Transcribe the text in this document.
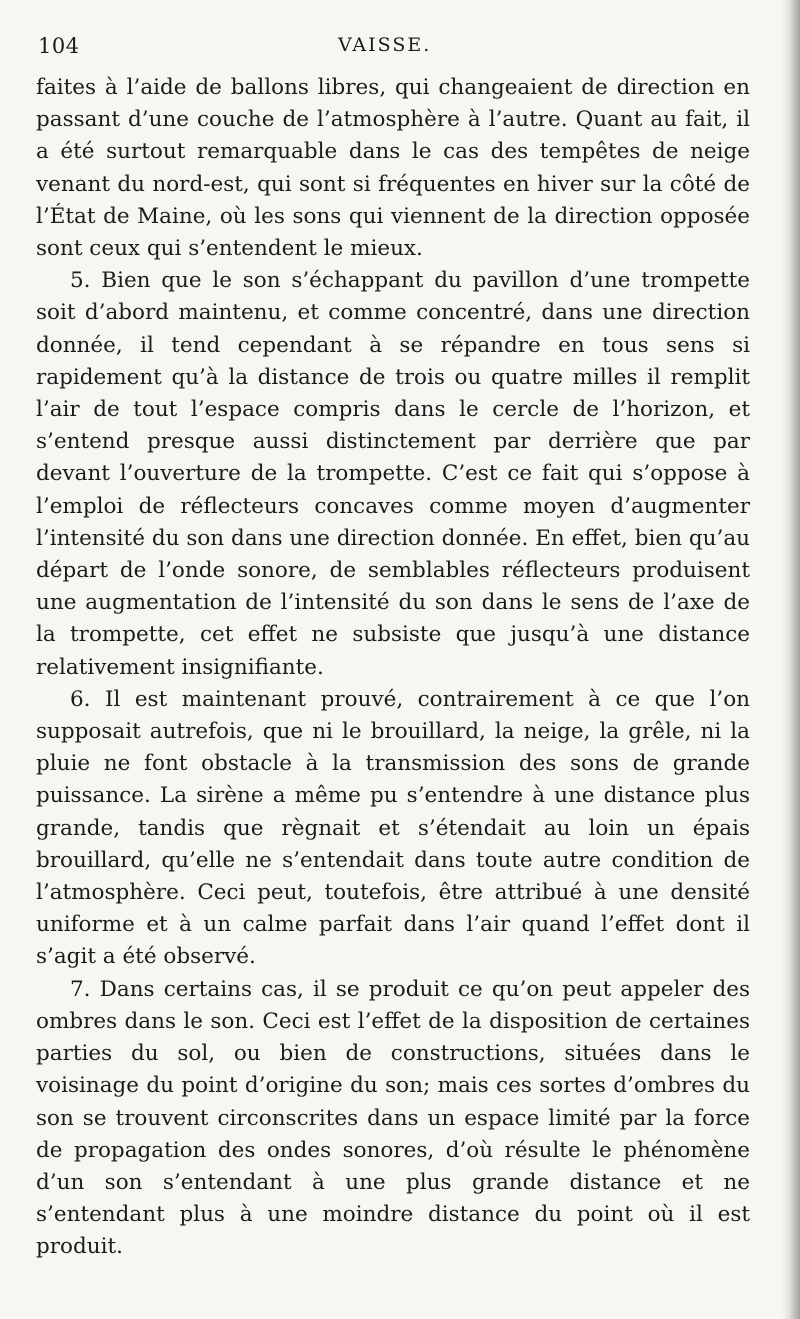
104	VAISSE.

faites à l’aide de ballons libres, qui changeaient de direction en passant d’une couche de l’atmosphère à l’autre. Quant au fait, il a été surtout remarquable dans le cas des tempêtes de neige venant du nord-est, qui sont si fréquentes en hiver sur la côté de l’État de Maine, où les sons qui viennent de la direction opposée sont ceux qui s’entendent le mieux.

5. Bien que le son s’échappant du pavillon d’une trompette soit d’abord maintenu, et comme concentré, dans une direction donnée, il tend cependant à se répandre en tous sens si rapidement qu’à la distance de trois ou quatre milles il remplit l’air de tout l’espace compris dans le cercle de l’horizon, et s’entend presque aussi distinctement par derrière que par devant l’ouverture de la trompette. C’est ce fait qui s’oppose à l’emploi de réflecteurs concaves comme moyen d’augmenter l’intensité du son dans une direction donnée. En effet, bien qu’au départ de l’onde sonore, de semblables réflecteurs produisent une augmentation de l’intensité du son dans le sens de l’axe de la trompette, cet effet ne subsiste que jusqu’à une distance relativement insignifiante.

6. Il est maintenant prouvé, contrairement à ce que l’on supposait autrefois, que ni le brouillard, la neige, la grêle, ni la pluie ne font obstacle à la transmission des sons de grande puissance. La sirène a même pu s’entendre à une distance plus grande, tandis que règnait et s’étendait au loin un épais brouillard, qu’elle ne s’entendait dans toute autre condition de l’atmosphère. Ceci peut, toutefois, être attribué à une densité uniforme et à un calme parfait dans l’air quand l’effet dont il s’agit a été observé.

7. Dans certains cas, il se produit ce qu’on peut appeler des ombres dans le son. Ceci est l’effet de la disposition de certaines parties du sol, ou bien de constructions, situées dans le voisinage du point d’origine du son; mais ces sortes d’ombres du son se trouvent circonscrites dans un espace limité par la force de propagation des ondes sonores, d’où résulte le phénomène d’un son s’entendant à une plus grande distance et ne s’entendant plus à une moindre distance du point où il est produit.
